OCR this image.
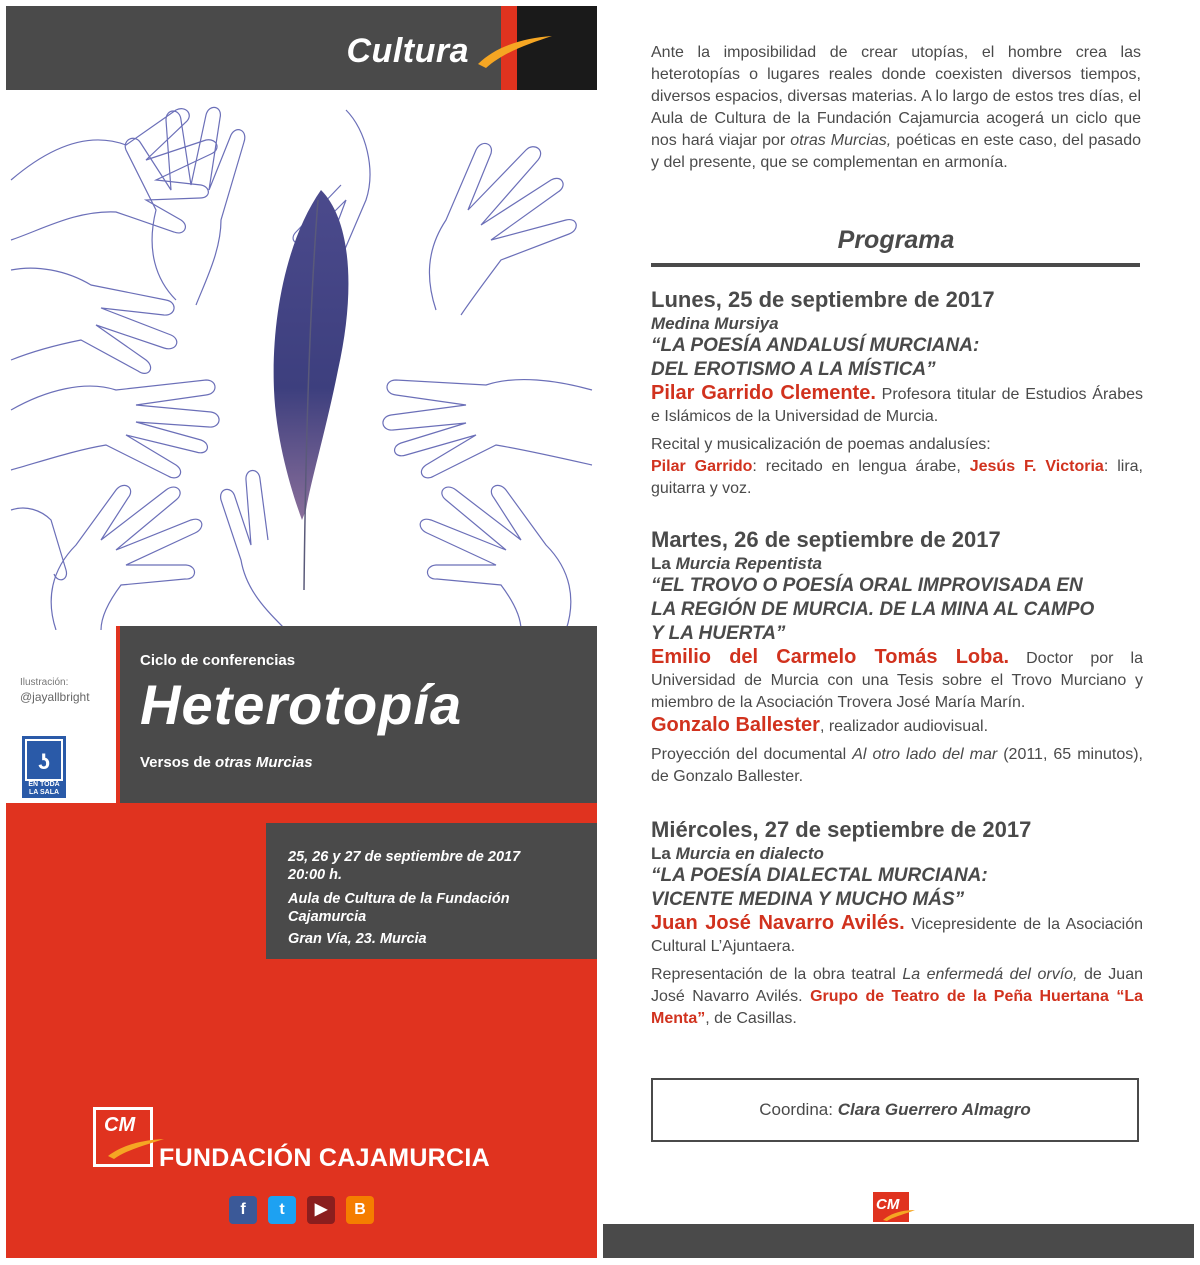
Cultura
Ilustración:
@jayallbright
ʖ
EN TODA
LA SALA
Ciclo de conferencias
Heterotopía
Versos de otras Murcias
25, 26 y 27 de septiembre de 2017
20:00 h.
Aula de Cultura de la Fundación
Cajamurcia
Gran Vía, 23. Murcia
CM
FUNDACIÓN CAJAMURCIA
f	t	▶	B
Ante la imposibilidad de crear utopías, el hombre crea las heterotopías o lugares reales donde coexisten diversos tiempos, diversos espacios, diversas materias. A lo largo de estos tres días, el Aula de Cultura de la Fundación Cajamurcia acogerá un ciclo que nos hará viajar por otras Murcias, poéticas en este caso, del pasado y del presente, que se complementan en armonía.
Programa
Lunes, 25 de septiembre de 2017
Medina Mursiya
“LA POESÍA ANDALUSÍ MURCIANA:
DEL EROTISMO A LA MÍSTICA”
Pilar Garrido Clemente. Profesora titular de Estudios Árabes e Islámicos de la Universidad de Murcia.
Recital y musicalización de poemas andalusíes:
Pilar Garrido: recitado en lengua árabe, Jesús F. Victoria: lira, guitarra y voz.
Martes, 26 de septiembre de 2017
La Murcia Repentista
“EL TROVO O POESÍA ORAL IMPROVISADA EN
LA REGIÓN DE MURCIA. DE LA MINA AL CAMPO
Y LA HUERTA”
Emilio del Carmelo Tomás Loba. Doctor por la Universidad de Murcia con una Tesis sobre el Trovo Murciano y miembro de la Asociación Trovera José María Marín.
Gonzalo Ballester, realizador audiovisual.
Proyección del documental Al otro lado del mar (2011, 65 minutos), de Gonzalo Ballester.
Miércoles, 27 de septiembre de 2017
La Murcia en dialecto
“LA POESÍA DIALECTAL MURCIANA:
VICENTE MEDINA Y MUCHO MÁS”
Juan José Navarro Avilés. Vicepresidente de la Asociación Cultural L’Ajuntaera.
Representación de la obra teatral La enfermedá del orvío, de Juan José Navarro Avilés. Grupo de Teatro de la Peña Huertana “La Menta”, de Casillas.
Coordina: Clara Guerrero Almagro
CM
